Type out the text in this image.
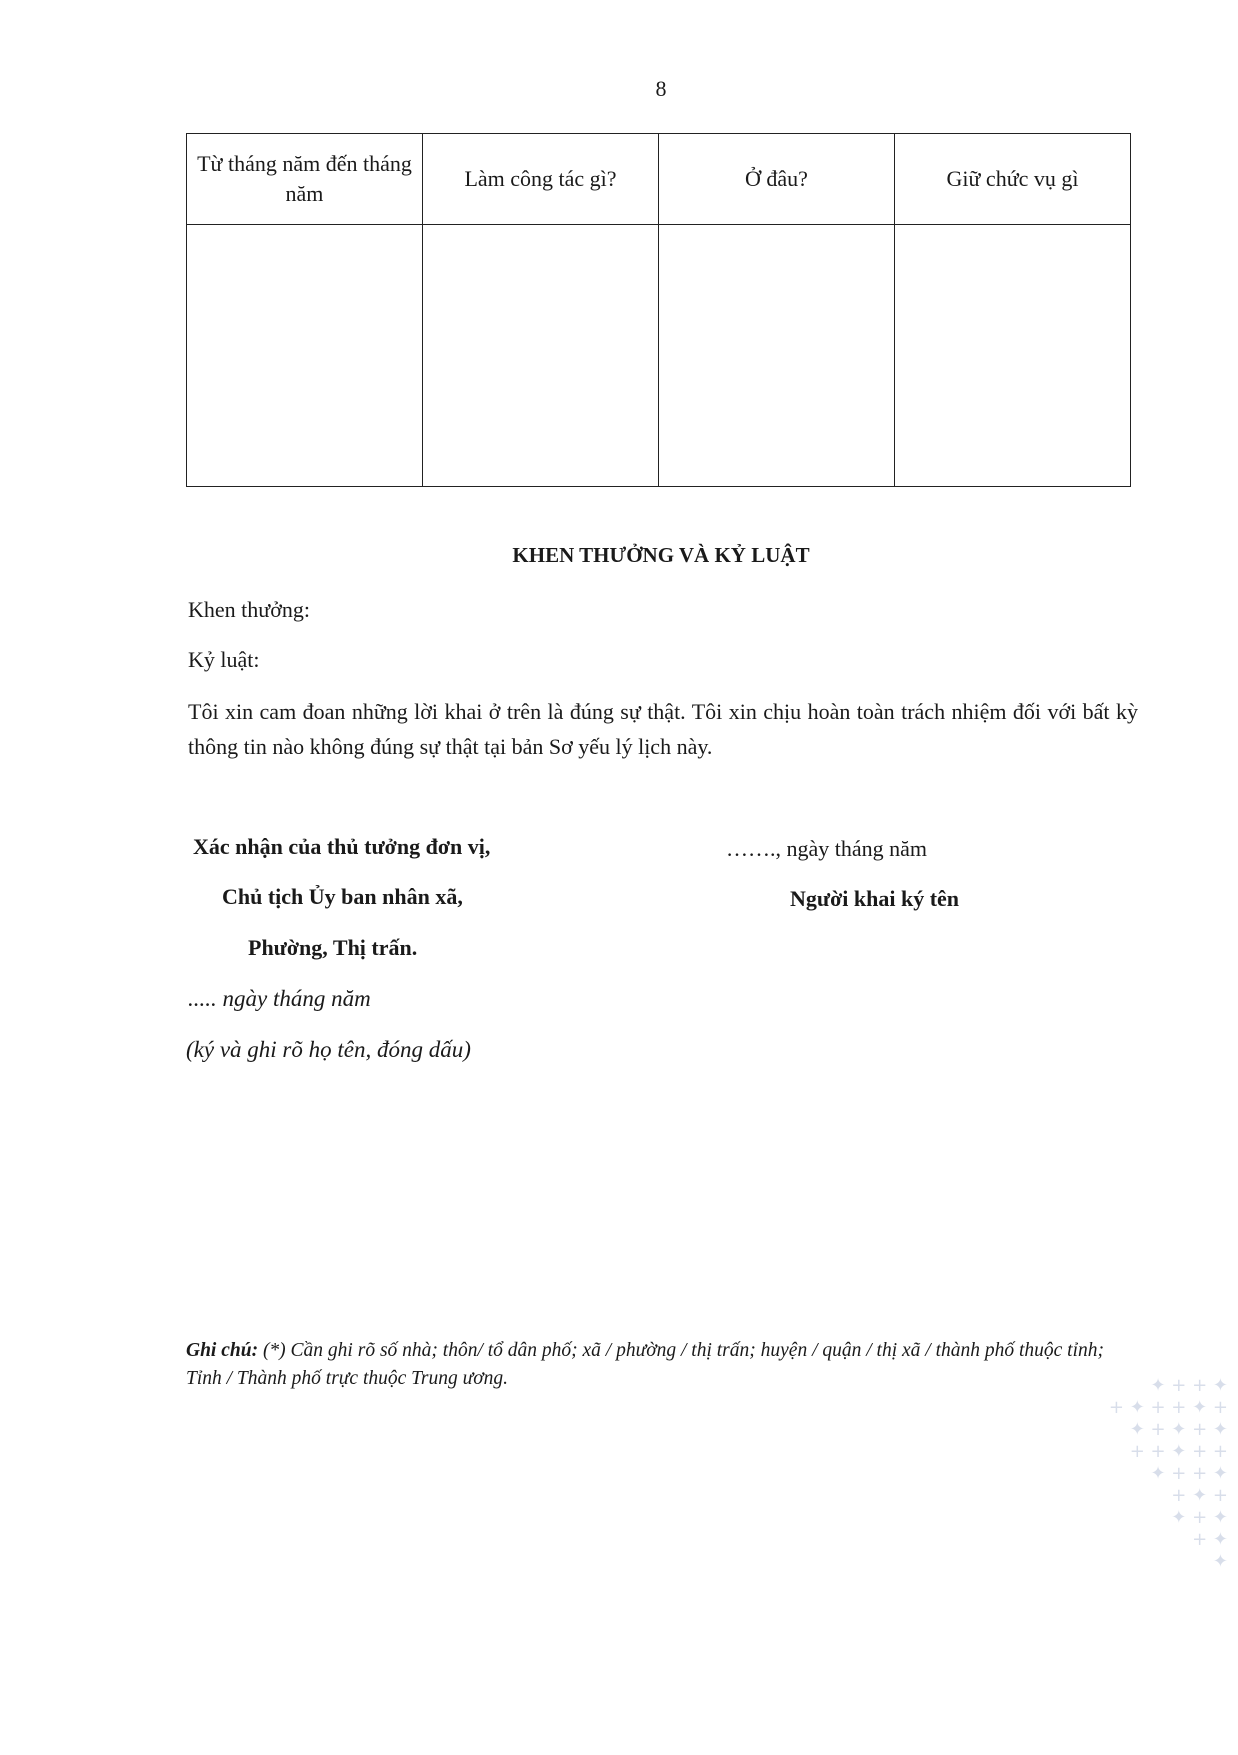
8
Từ tháng năm đến tháng năm	Làm công tác gì?	Ở đâu?	Giữ chức vụ gì

KHEN THƯỞNG VÀ KỶ LUẬT
Khen thưởng:
Kỷ luật:
Tôi xin cam đoan những lời khai ở trên là đúng sự thật. Tôi xin chịu hoàn toàn trách nhiệm đối với bất kỳ thông tin nào không đúng sự thật tại bản Sơ yếu lý lịch này.
Xác nhận của thủ tưởng đơn vị,
Chủ tịch Ủy ban nhân xã,
Phường, Thị trấn.
..... ngày tháng năm
(ký và ghi rõ họ tên, đóng dấu)
……., ngày tháng năm
Người khai ký tên
Ghi chú: (*) Cần ghi rõ số nhà; thôn/ tổ dân phố; xã / phường / thị trấn; huyện / quận / thị xã / thành phố thuộc tỉnh; Tỉnh / Thành phố trực thuộc Trung ương.	✦ + + ✦
+ ✦ + + ✦ +
✦ + ✦ + ✦
+ + ✦ + +
✦ + + ✦
+ ✦ +
✦ + ✦
+ ✦
✦
